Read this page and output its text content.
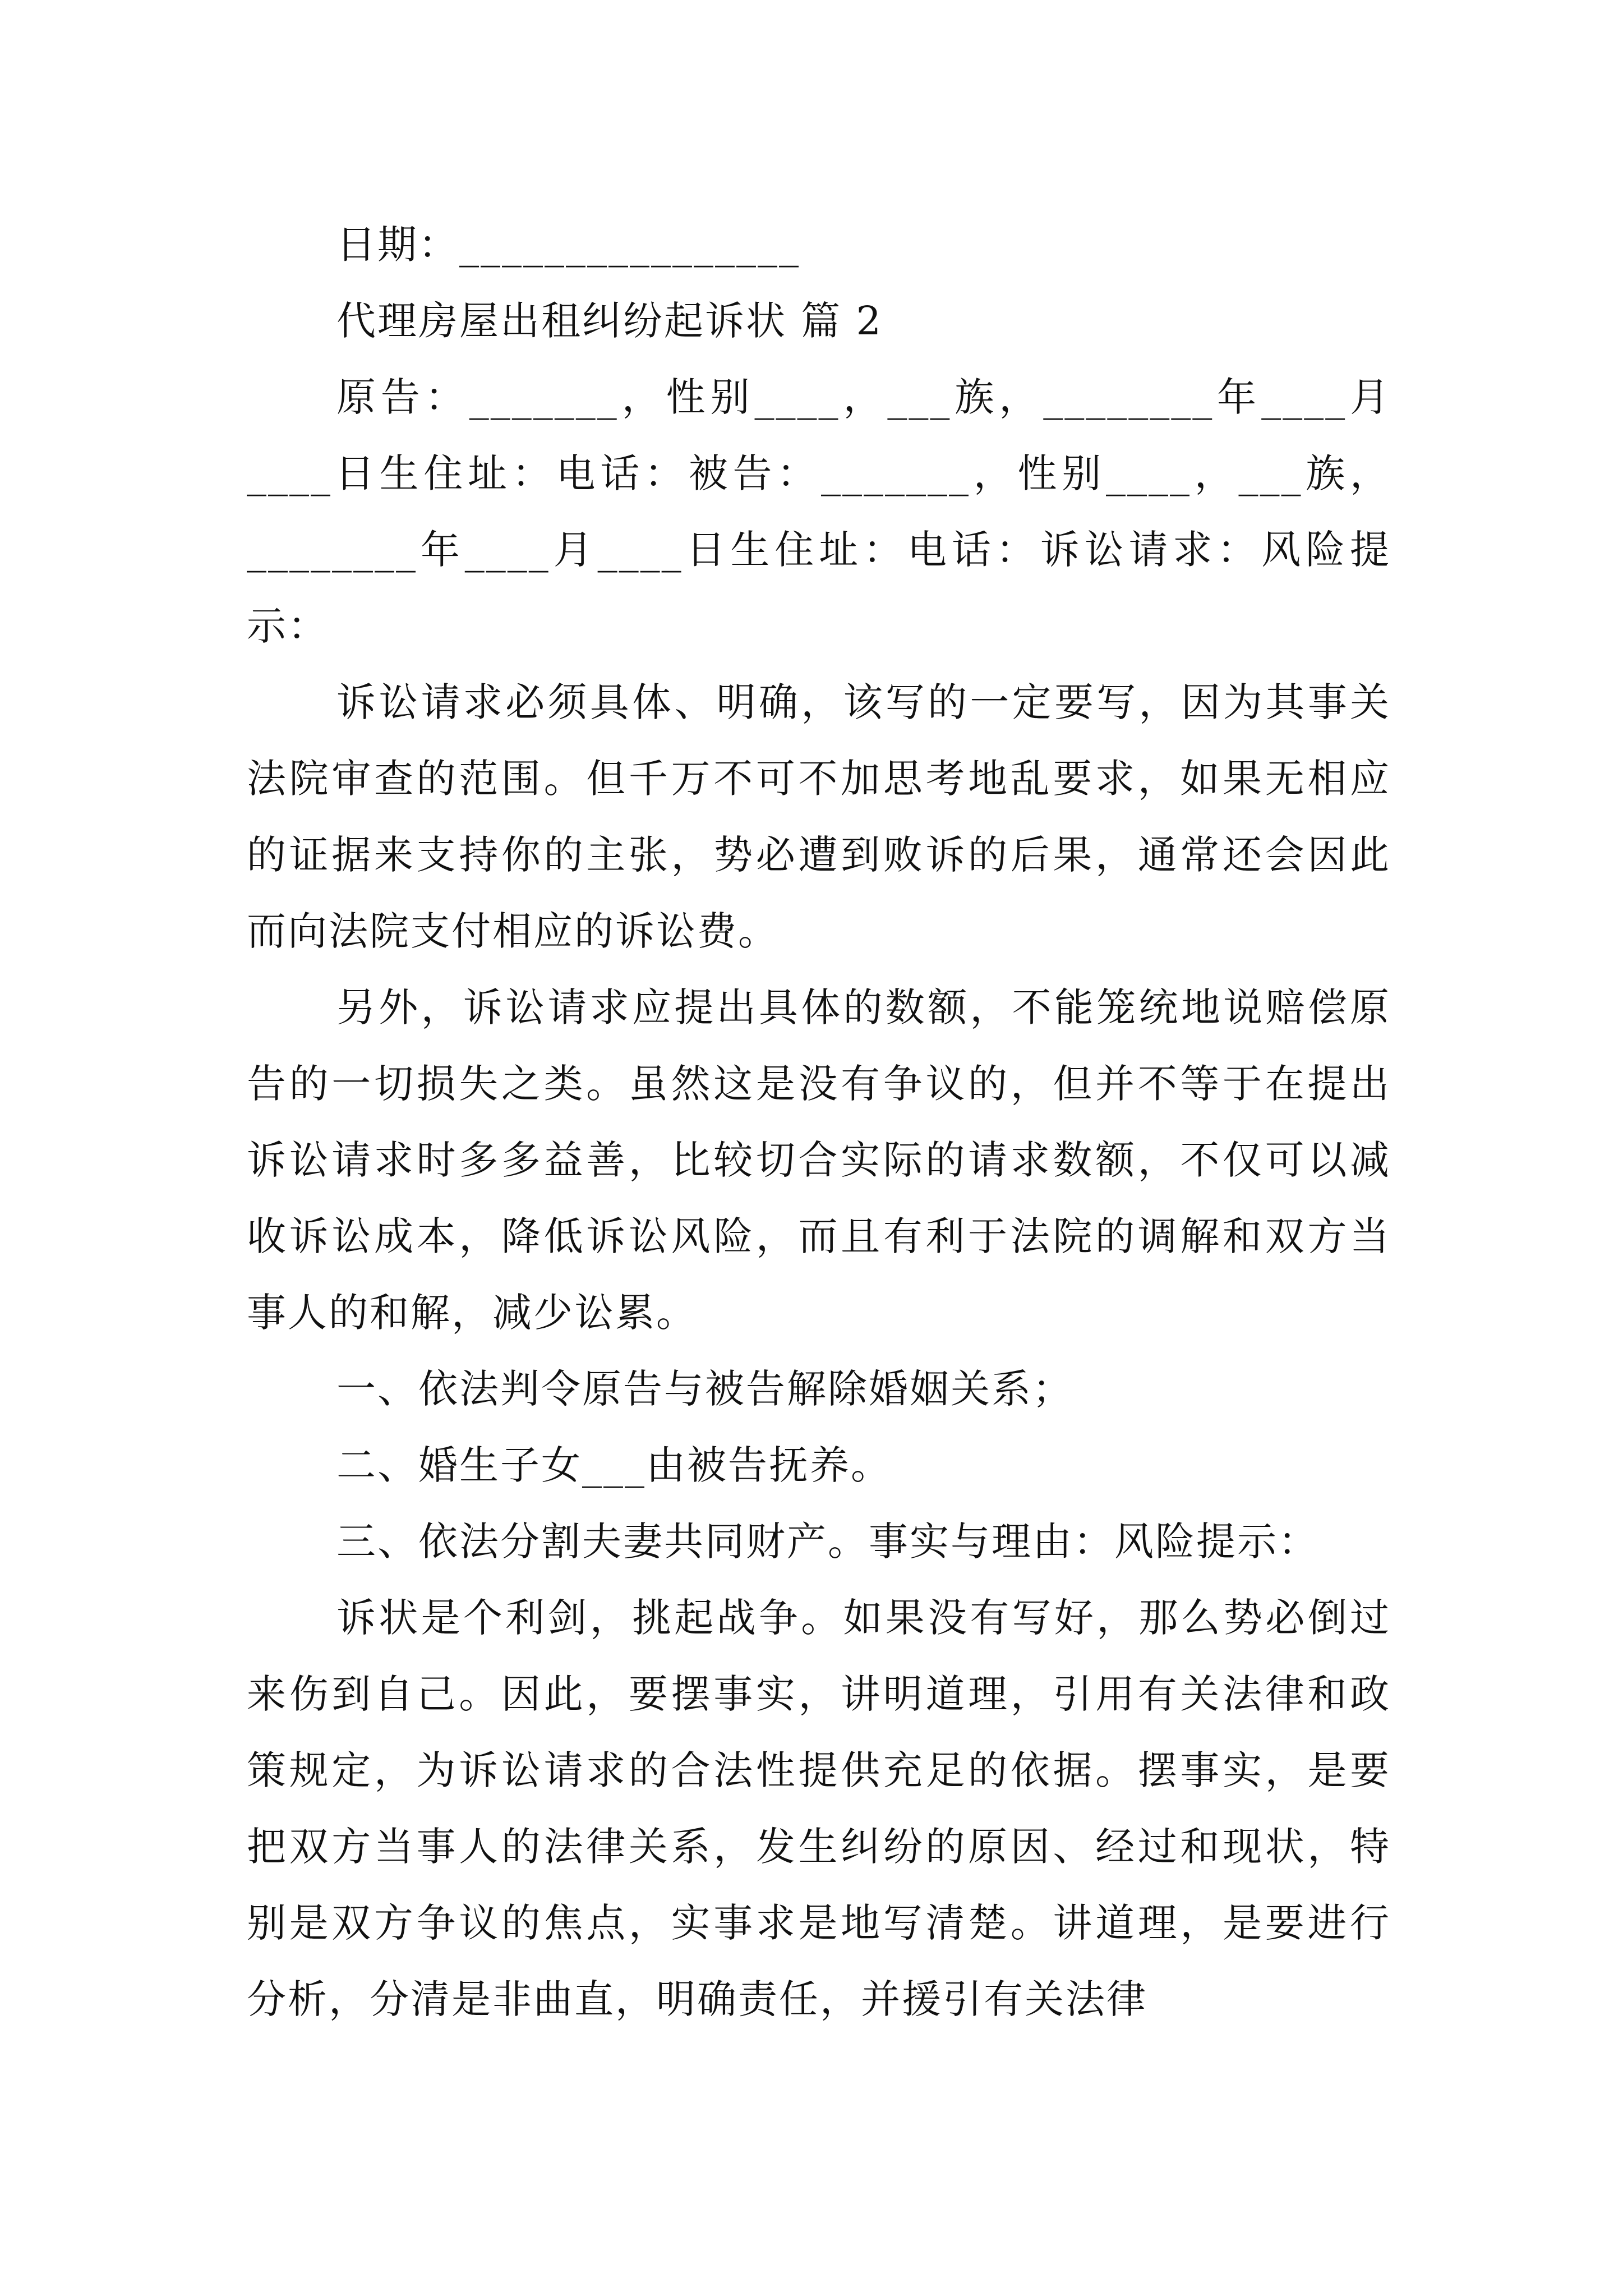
日期：________________

代理房屋出租纠纷起诉状 篇 2

原告：_______，性别____，___族，________年____月____日生住址：电话：被告：_______，性别____，___族，________年____月____日生住址：电话：诉讼请求：风险提示：

诉讼请求必须具体、明确，该写的一定要写，因为其事关法院审查的范围。但千万不可不加思考地乱要求，如果无相应的证据来支持你的主张，势必遭到败诉的后果，通常还会因此而向法院支付相应的诉讼费。

另外，诉讼请求应提出具体的数额，不能笼统地说赔偿原告的一切损失之类。虽然这是没有争议的，但并不等于在提出诉讼请求时多多益善，比较切合实际的请求数额，不仅可以减收诉讼成本，降低诉讼风险，而且有利于法院的调解和双方当事人的和解，减少讼累。

一、依法判令原告与被告解除婚姻关系；

二、婚生子女___由被告抚养。

三、依法分割夫妻共同财产。事实与理由：风险提示：

诉状是个利剑，挑起战争。如果没有写好，那么势必倒过来伤到自己。因此，要摆事实，讲明道理，引用有关法律和政策规定，为诉讼请求的合法性提供充足的依据。摆事实，是要把双方当事人的法律关系，发生纠纷的原因、经过和现状，特别是双方争议的焦点，实事求是地写清楚。讲道理，是要进行分析，分清是非曲直，明确责任，并援引有关法律
